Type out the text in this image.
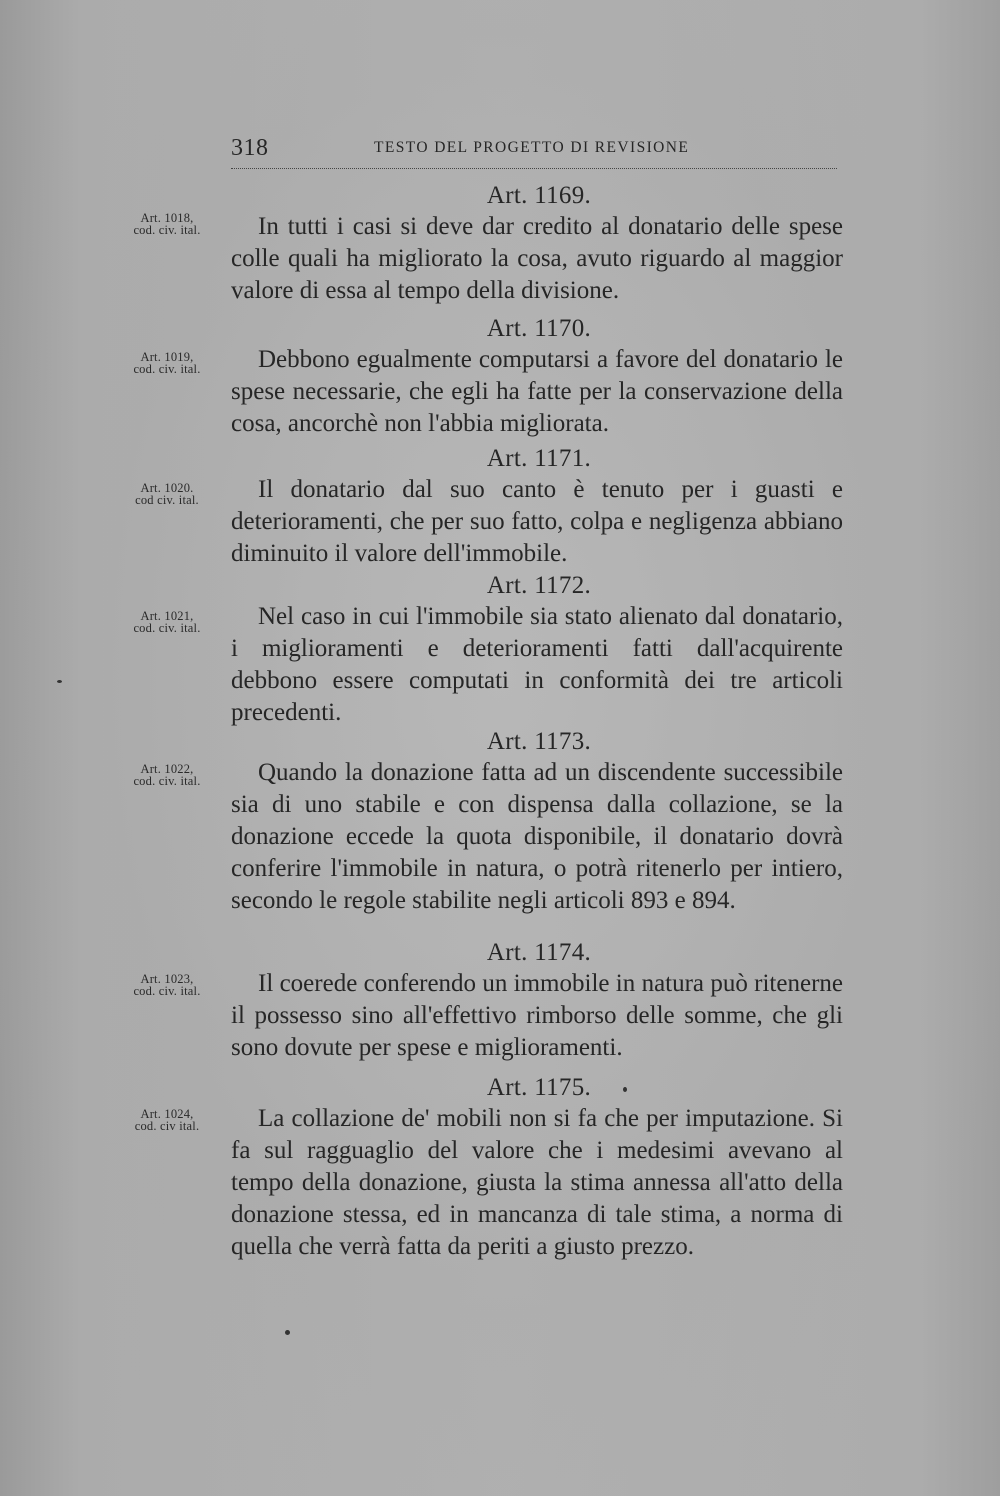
318	TESTO DEL PROGETTO DI REVISIONE
Art. 1018,
cod. civ. ital.
Art. 1169.
In tutti i casi si deve dar credito al donatario delle spese colle quali ha migliorato la cosa, avuto riguardo al maggior valore di essa al tempo della divisione.
Art. 1019,
cod. civ. ital.
Art. 1170.
Debbono egualmente computarsi a favore del donatario le spese necessarie, che egli ha fatte per la conservazione della cosa, ancorchè non l'abbia migliorata.
Art. 1020.
cod civ. ital.
Art. 1171.
Il donatario dal suo canto è tenuto per i guasti e deterioramenti, che per suo fatto, colpa e negligenza abbiano diminuito il valore dell'immobile.
Art. 1021,
cod. civ. ital.
Art. 1172.
Nel caso in cui l'immobile sia stato alienato dal donatario, i miglioramenti e deterioramenti fatti dall'acquirente debbono essere computati in conformità dei tre articoli precedenti.
Art. 1022,
cod. civ. ital.
Art. 1173.
Quando la donazione fatta ad un discendente successibile sia di uno stabile e con dispensa dalla collazione, se la donazione eccede la quota disponibile, il donatario dovrà conferire l'immobile in natura, o potrà ritenerlo per intiero, secondo le regole stabilite negli articoli 893 e 894.
Art. 1023,
cod. civ. ital.
Art. 1174.
Il coerede conferendo un immobile in natura può ritenerne il possesso sino all'effettivo rimborso delle somme, che gli sono dovute per spese e miglioramenti.
Art. 1024,
cod. civ ital.
Art. 1175.
La collazione de' mobili non si fa che per imputazione. Si fa sul ragguaglio del valore che i medesimi avevano al tempo della donazione, giusta la stima annessa all'atto della donazione stessa, ed in mancanza di tale stima, a norma di quella che verrà fatta da periti a giusto prezzo.
